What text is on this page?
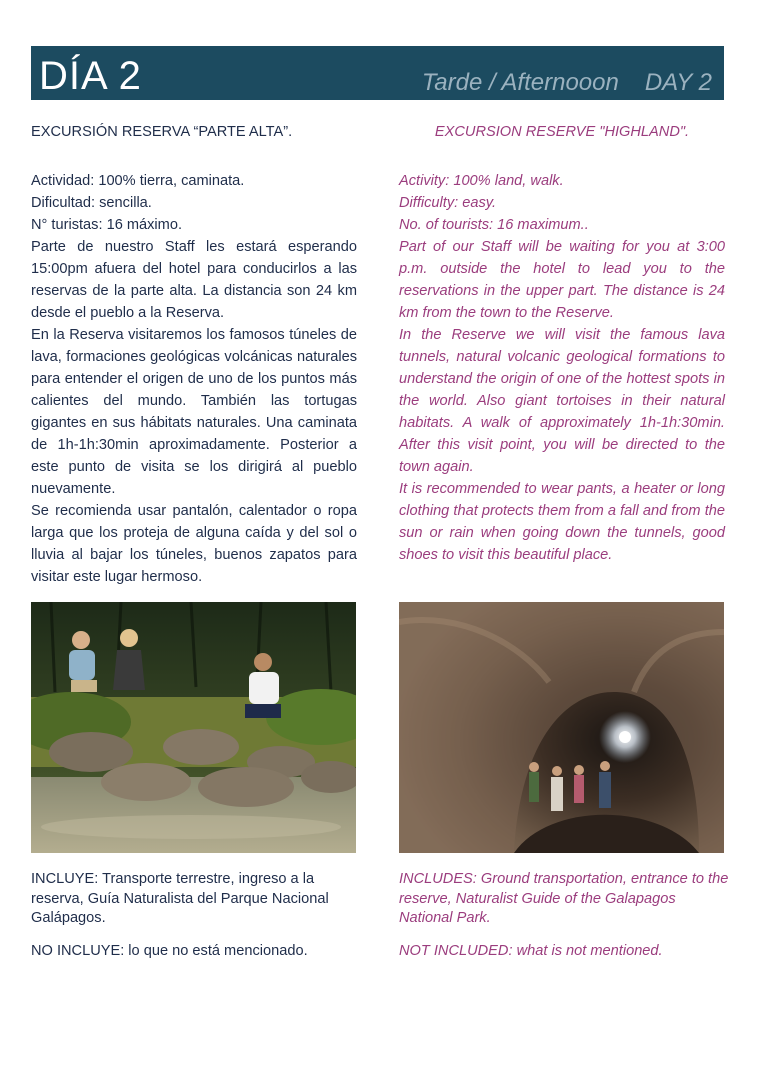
DÍA 2	Tarde / Afternooon DAY 2
EXCURSIÓN RESERVA “PARTE ALTA”.

Actividad: 100% tierra, caminata.

Dificultad: sencilla.

N° turistas: 16 máximo.

Parte de nuestro Staff les estará esperando 15:00pm afuera del hotel para conducirlos a las reservas de la parte alta. La distancia son 24 km desde el pueblo a la Reserva.

En la Reserva visitaremos los famosos túneles de lava, formaciones geológicas volcánicas naturales para entender el origen de uno de los puntos más calientes del mundo. También las tortugas gigantes en sus hábitats naturales. Una caminata de 1h-1h:30min aproximadamente. Posterior a este punto de visita se los dirigirá al pueblo nuevamente.

Se recomienda usar pantalón, calentador o ropa larga que los proteja de alguna caída y del sol o lluvia al bajar los túneles, buenos zapatos para visitar este lugar hermoso.

EXCURSION RESERVE "HIGHLAND".

Activity: 100% land, walk.

Difficulty: easy.

No. of tourists: 16 maximum..

Part of our Staff will be waiting for you at 3:00 p.m. outside the hotel to lead you to the reservations in the upper part. The distance is 24 km from the town to the Reserve.

In the Reserve we will visit the famous lava tunnels, natural volcanic geological formations to understand the origin of one of the hottest spots in the world. Also giant tortoises in their natural habitats. A walk of approximately 1h-1h:30min. After this visit point, you will be directed to the town again.

It is recommended to wear pants, a heater or long clothing that protects them from a fall and from the sun or rain when going down the tunnels, good shoes to visit this beautiful place.

INCLUYE: Transporte terrestre, ingreso a la reserva, Guía Naturalista del Parque Nacional Galápagos.

NO INCLUYE: lo que no está mencionado.

INCLUDES: Ground transportation, entrance to the reserve, Naturalist Guide of the Galapagos National Park.

NOT INCLUDED: what is not mentioned.
